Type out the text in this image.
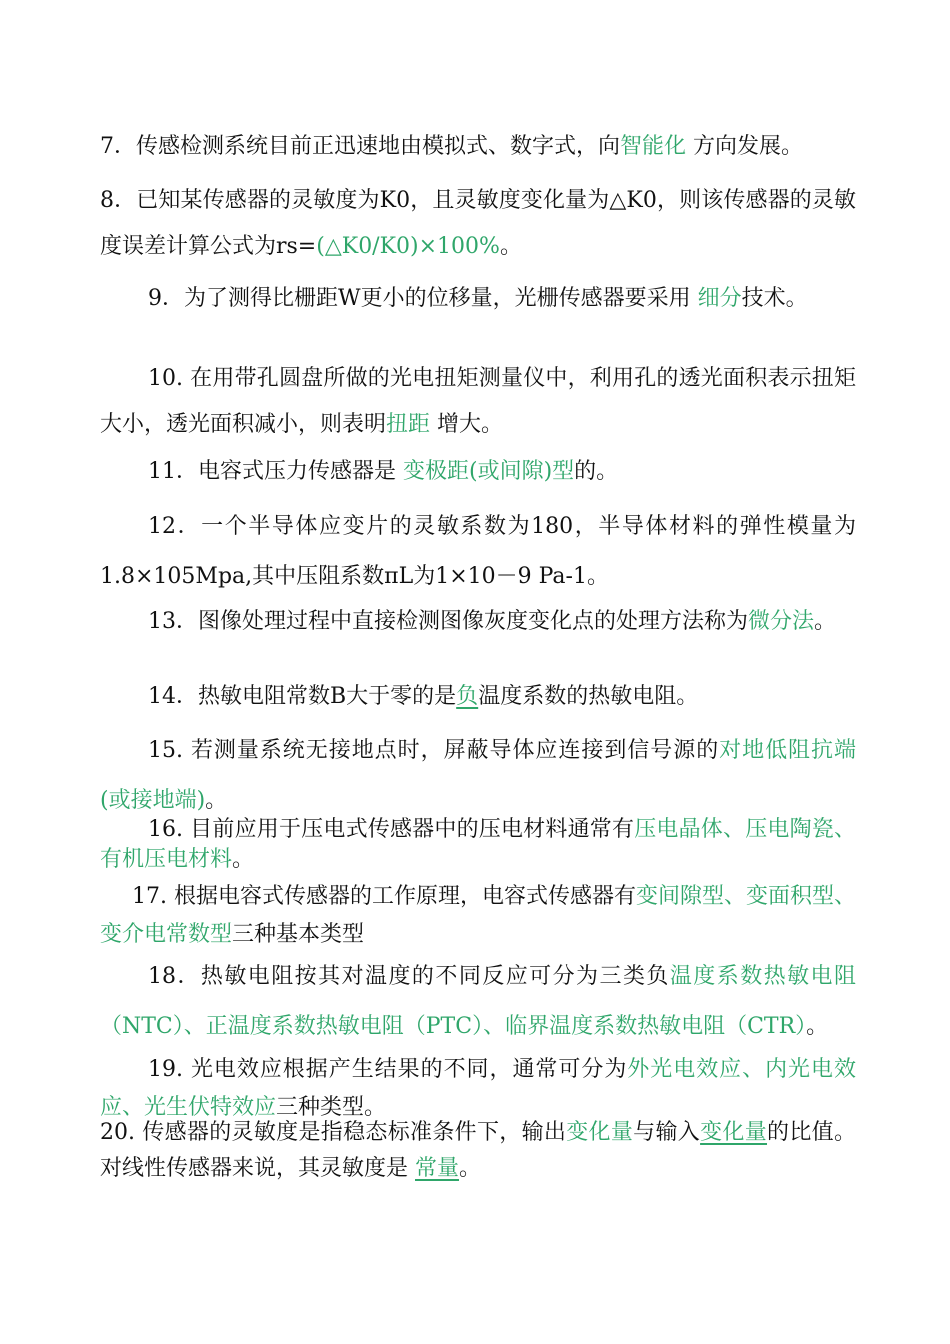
7．传感检测系统目前正迅速地由模拟式、数字式，向智能化 方向发展。

8．已知某传感器的灵敏度为K0，且灵敏度变化量为△K0，则该传感器的灵敏度误差计算公式为rs=(△K0/K0)×100%。

9．为了测得比栅距W更小的位移量，光栅传感器要采用 细分技术。

10. 在用带孔圆盘所做的光电扭矩测量仪中，利用孔的透光面积表示扭矩大小，透光面积减小，则表明扭距 增大。

11．电容式压力传感器是 变极距(或间隙)型的。

12．一个半导体应变片的灵敏系数为180，半导体材料的弹性模量为1.8×105Mpa,其中压阻系数πL为1×10－9 Pa-1。

13．图像处理过程中直接检测图像灰度变化点的处理方法称为微分法。

14．热敏电阻常数B大于零的是负温度系数的热敏电阻。

15. 若测量系统无接地点时，屏蔽导体应连接到信号源的对地低阻抗端(或接地端)。

16. 目前应用于压电式传感器中的压电材料通常有压电晶体、压电陶瓷、有机压电材料。

17. 根据电容式传感器的工作原理，电容式传感器有变间隙型、变面积型、变介电常数型三种基本类型

18．热敏电阻按其对温度的不同反应可分为三类负温度系数热敏电阻（NTC）、正温度系数热敏电阻（PTC）、临界温度系数热敏电阻（CTR）。

19. 光电效应根据产生结果的不同，通常可分为外光电效应、内光电效应、光生伏特效应三种类型。

20. 传感器的灵敏度是指稳态标准条件下，输出变化量与输入变化量的比值。对线性传感器来说，其灵敏度是 常量。
